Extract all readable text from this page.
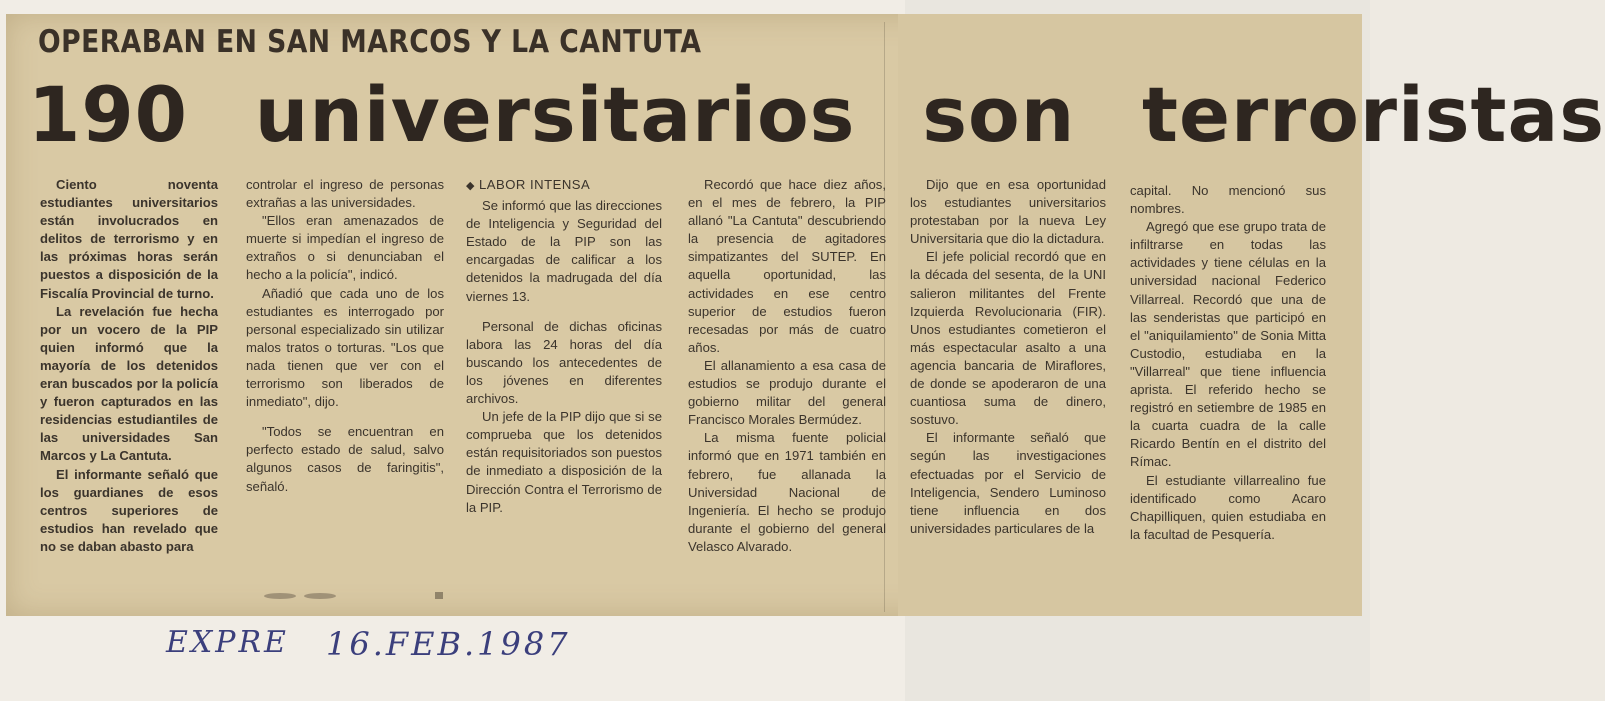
OPERABAN EN SAN MARCOS Y LA CANTUTA
190 universitarios son terroristas

Ciento noventa estudiantes universitarios están involucrados en delitos de terrorismo y en las próximas horas serán puestos a disposición de la Fiscalía Provincial de turno.

La revelación fue hecha por un vocero de la PIP quien informó que la mayoría de los detenidos eran buscados por la policía y fueron capturados en las residencias estudiantiles de las universidades San Marcos y La Cantuta.

El informante señaló que los guardianes de esos centros superiores de estudios han revelado que no se daban abasto para

controlar el ingreso de personas extrañas a las universidades.

"Ellos eran amenazados de muerte si impedían el ingreso de extraños o si denunciaban el hecho a la policía", indicó.

Añadió que cada uno de los estudiantes es interrogado por personal especializado sin utilizar malos tratos o torturas. "Los que nada tienen que ver con el terrorismo son liberados de inmediato", dijo.

"Todos se encuentran en perfecto estado de salud, salvo algunos casos de faringitis", señaló.

◆ LABOR INTENSA

Se informó que las direcciones de Inteligencia y Seguridad del Estado de la PIP son las encargadas de calificar a los detenidos la madrugada del día viernes 13.

Personal de dichas oficinas labora las 24 horas del día buscando los antecedentes de los jóvenes en diferentes archivos.

Un jefe de la PIP dijo que si se comprueba que los detenidos están requisitoriados son puestos de inmediato a disposición de la Dirección Contra el Terrorismo de la PIP.

Recordó que hace diez años, en el mes de febrero, la PIP allanó "La Cantuta" descubriendo la presencia de agitadores simpatizantes del SUTEP. En aquella oportunidad, las actividades en ese centro superior de estudios fueron recesadas por más de cuatro años.

El allanamiento a esa casa de estudios se produjo durante el gobierno militar del general Francisco Morales Bermúdez.

La misma fuente policial informó que en 1971 también en febrero, fue allanada la Universidad Nacional de Ingeniería. El hecho se produjo durante el gobierno del general Velasco Alvarado.

Dijo que en esa oportunidad los estudiantes universitarios protestaban por la nueva Ley Universitaria que dio la dictadura.

El jefe policial recordó que en la década del sesenta, de la UNI salieron militantes del Frente Izquierda Revolucionaria (FIR). Unos estudiantes cometieron el más espectacular asalto a una agencia bancaria de Miraflores, de donde se apoderaron de una cuantiosa suma de dinero, sostuvo.

El informante señaló que según las investigaciones efectuadas por el Servicio de Inteligencia, Sendero Luminoso tiene influencia en dos universidades particulares de la

capital. No mencionó sus nombres.

Agregó que ese grupo trata de infiltrarse en todas las actividades y tiene células en la universidad nacional Federico Villarreal. Recordó que una de las senderistas que participó en el "aniquilamiento" de Sonia Mitta Custodio, estudiaba en la "Villarreal" que tiene influencia aprista. El referido hecho se registró en setiembre de 1985 en la cuarta cuadra de la calle Ricardo Bentín en el distrito del Rímac.

El estudiante villarrealino fue identificado como Acaro Chapilliquen, quien estudiaba en la facultad de Pesquería.

EXPRE 16.FEB.1987
